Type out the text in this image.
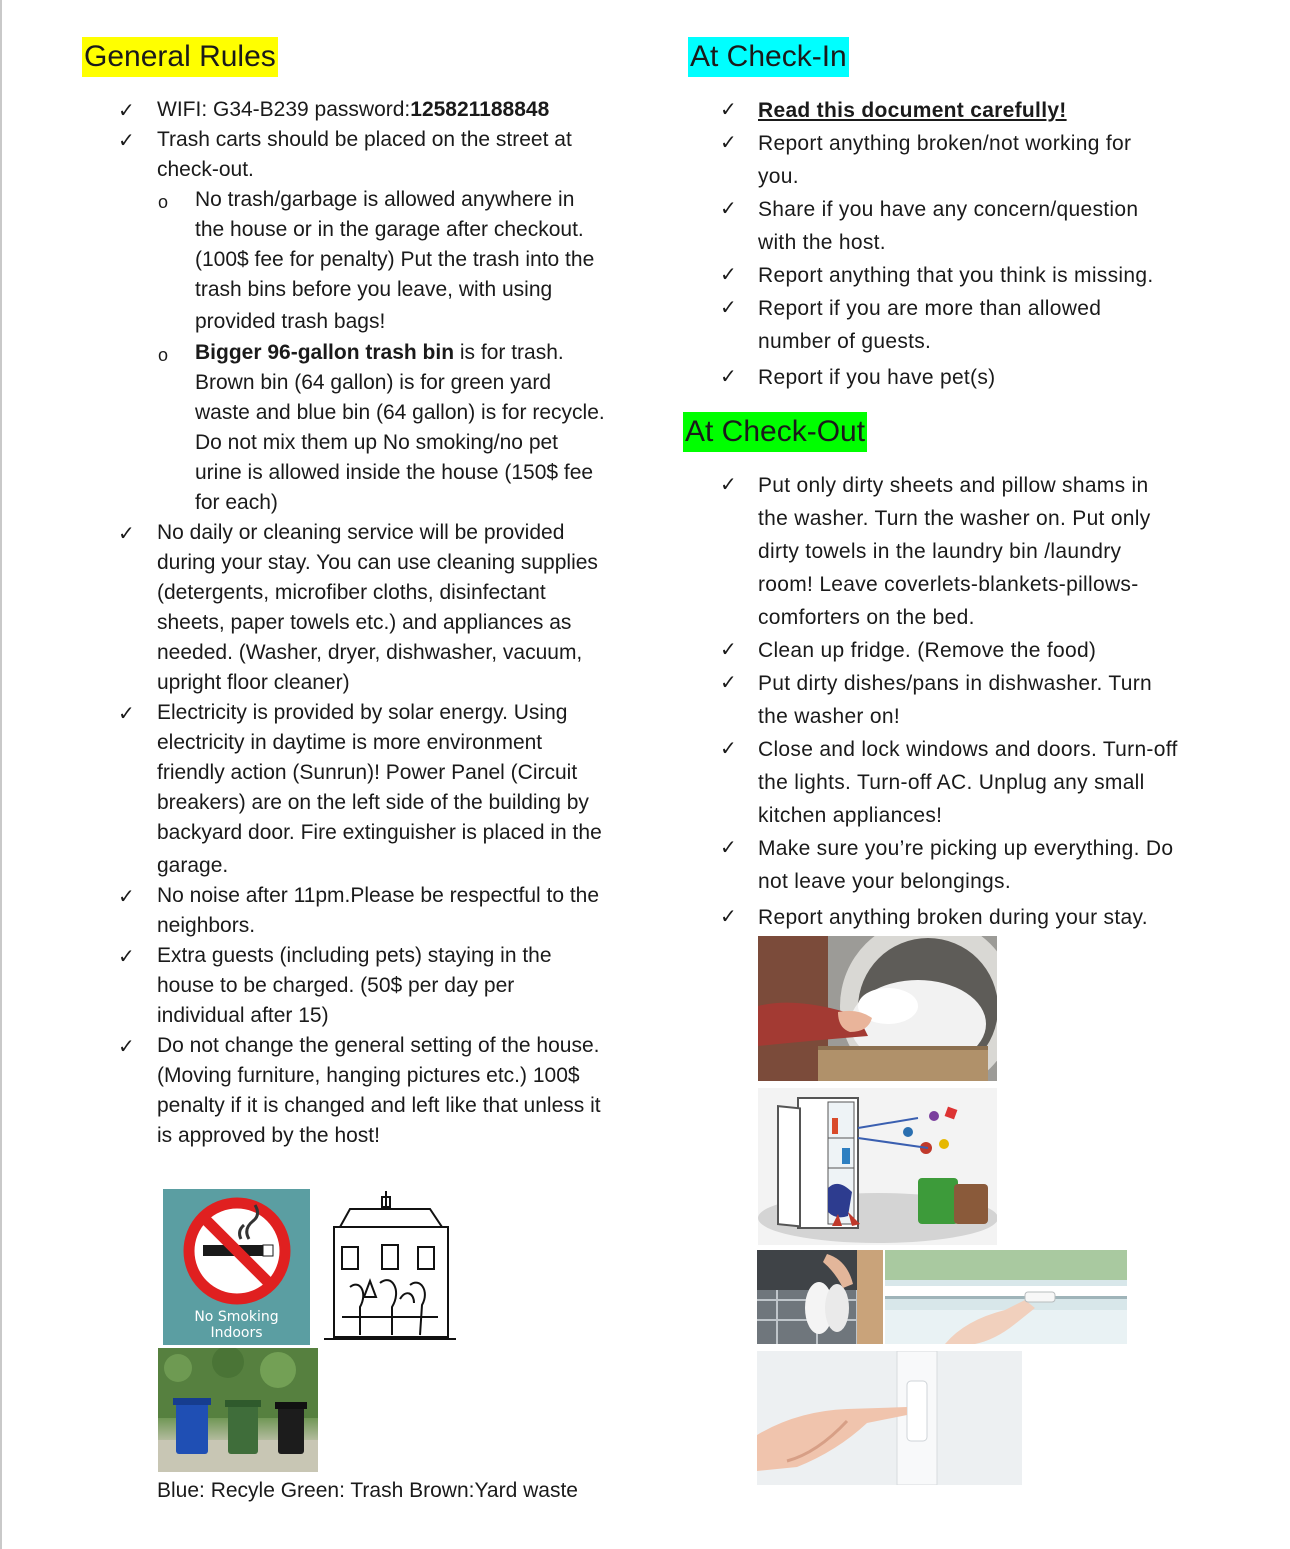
General Rules
✓
WIFI: G34-B239 password:125821188848
✓
Trash carts should be placed on the street at
check-out.
o No trash/garbage is allowed anywhere in
the house or in the garage after checkout.
(100$ fee for penalty) Put the trash into the
trash bins before you leave, with using
provided trash bags!
o Bigger 96-gallon trash bin is for trash.
Brown bin (64 gallon) is for green yard
waste and blue bin (64 gallon) is for recycle.
Do not mix them up No smoking/no pet
urine is allowed inside the house (150$ fee
for each)
✓
No daily or cleaning service will be provided
during your stay. You can use cleaning supplies
(detergents, microfiber cloths, disinfectant
sheets, paper towels etc.) and appliances as
needed. (Washer, dryer, dishwasher, vacuum,
upright floor cleaner)
✓
Electricity is provided by solar energy. Using
electricity in daytime is more environment
friendly action (Sunrun)! Power Panel (Circuit
breakers) are on the left side of the building by
backyard door. Fire extinguisher is placed in the
garage.
✓
No noise after 11pm.Please be respectful to the
neighbors.
✓
Extra guests (including pets) staying in the
house to be charged. (50$ per day per
individual after 15)
✓
Do not change the general setting of the house.
(Moving furniture, hanging pictures etc.) 100$
penalty if it is changed and left like that unless it
is approved by the host!
No Smoking
Indoors
Blue: Recyle Green: Trash Brown:Yard waste
At Check-In
✓
Read this document carefully!
✓
Report anything broken/not working for
you.
✓
Share if you have any concern/question
with the host.
✓
Report anything that you think is missing.
✓
Report if you are more than allowed
number of guests.
✓
Report if you have pet(s)
At Check-Out
✓
Put only dirty sheets and pillow shams in
the washer. Turn the washer on. Put only
dirty towels in the laundry bin /laundry
room! Leave coverlets-blankets-pillows-
comforters on the bed.
✓
Clean up fridge. (Remove the food)
✓
Put dirty dishes/pans in dishwasher. Turn
the washer on!
✓
Close and lock windows and doors. Turn-off
the lights. Turn-off AC. Unplug any small
kitchen appliances!
✓
Make sure you’re picking up everything. Do
not leave your belongings.
✓
Report anything broken during your stay.
